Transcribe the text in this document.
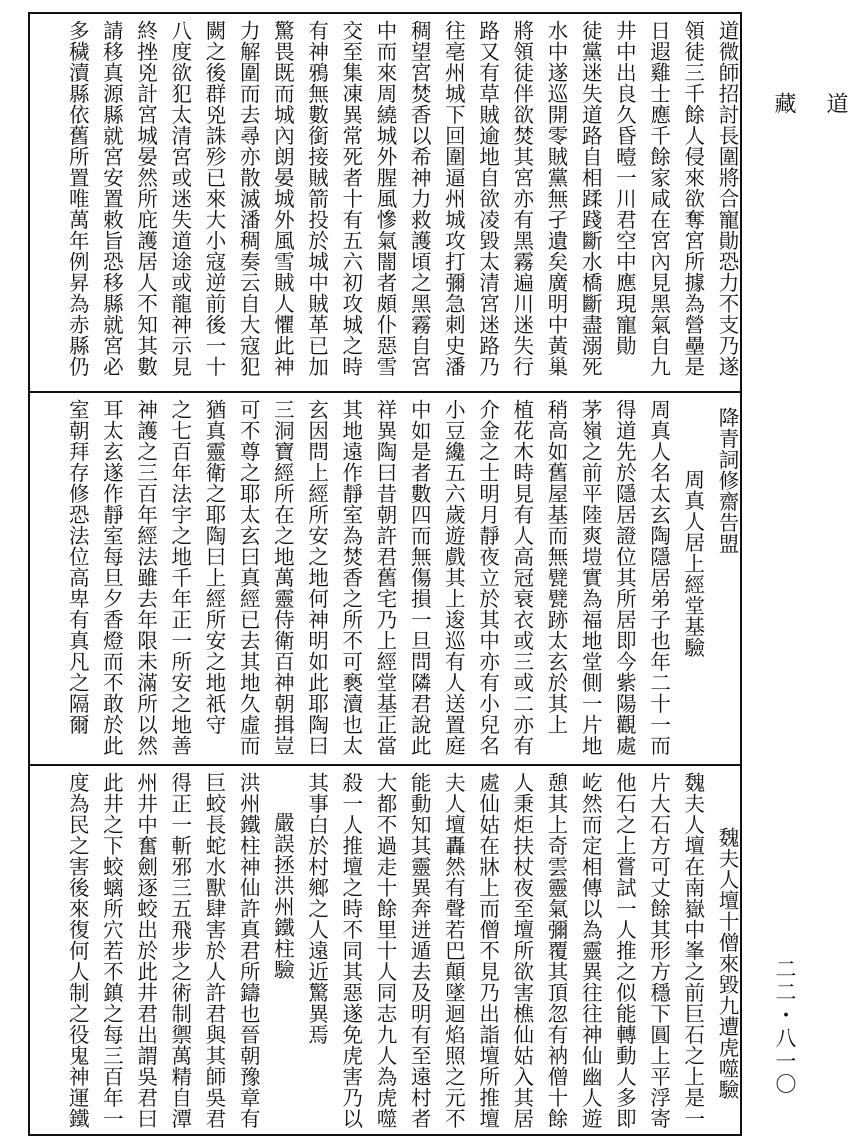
道微師招討長圍將合寵勛恐力不支乃遂
領徒三千餘人侵來欲奪宮所據為營壘是
日遐雞士應千餘家咸在宮內見黑氣自九
井中出良久昏曀一川君空中應現寵勛
徒黨迷失道路自相蹂踐斷水橋斷盡溺死
水中遂巡開零賊黨無孑遺矣廣明中黃巢
將領徒伴欲焚其宮亦有黑霧遍川迷失行
路又有草賊逾地自欲凌毀太清宮迷路乃
往亳州城下回圍逼州城攻打彌急刺史潘
稠望宮焚香以希神力救護頃之黑霧自宮
中而來周繞城外腥風慘氣闇者頗仆惡雪
交至集凍異常死者十有五六初攻城之時
有神鴉無數銜接賊箭投於城中賊革已加
驚畏既而城內朗晏城外風雪賊人懼此神
力解圍而去尋亦散滅潘稠奏云自大寇犯
闕之後群兇誅殄已來大小寇逆前後一十
八度欲犯太清宮或迷失道途或龍神示見
終挫兇計宮城晏然所庇護居人不知其數
請移真源縣就宮安置敕旨恐移縣就宮必
多穢瀆縣依舊所置唯萬年例昇為赤縣仍
降青詞修齋告盟
周真人居上經堂基驗
周真人名太玄陶隱居弟子也年二十一而
得道先於隱居證位其所居即今紫陽觀處
茅嶺之前平陸爽塏實為福地堂側一片地
稍高如舊屋基而無甓甓跡太玄於其上
植花木時見有人高冠衰衣或三或二亦有
介金之士明月靜夜立於其中亦有小兒名
小豆纔五六歲遊戲其上逡巡有人送置庭
中如是者數四而無傷損一旦問隣君說此
祥異陶曰昔朝許君舊宅乃上經堂基正當
其地遠作靜室為焚香之所不可褻瀆也太
玄因問上經所安之地何神明如此耶陶曰
三洞寶經所在之地萬靈侍衛百神朝揖豈
可不尊之耶太玄曰真經已去其地久虛而
猶真靈衛之耶陶曰上經所安之地祇守
之七百年法宇之地千年正一所安之地善
神護之三百年經法雖去年限未滿所以然
耳太玄遂作靜室每旦夕香燈而不敢於此
室朝拜存修恐法位高卑有真凡之隔爾
魏夫人壇十僧來毀九遭虎噬驗
魏夫人壇在南嶽中峯之前巨石之上是一
片大石方可丈餘其形方穩下圓上平浮寄
他石之上嘗試一人推之似能轉動人多即
屹然而定相傳以為靈異往往神仙幽人遊
憩其上奇雲靈氣彌覆其頂忽有衲僧十餘
人秉炬扶杖夜至壇所欲害樵仙姑入其居
處仙姑在牀上而僧不見乃出詣壇所推壇
夫人壇轟然有聲若巴顛墜迴焰照之元不
能動知其靈異奔迸遁去及明有至遠村者
大都不過走十餘里十人同志九人為虎噬
殺一人推壇之時不同其惡遂免虎害乃以
其事白於村鄉之人遠近驚異焉
嚴誤拯洪州鐵柱驗
洪州鐵柱神仙許真君所鑄也晉朝豫章有
巨蛟長蛇水獸肆害於人許君與其師吳君
得正一斬邪三五飛步之術制禦萬精自潭
州井中奮劍逐蛟出於此井君出謂吳君曰
此井之下蛟螭所穴若不鎮之每三百年一
度為民之害後來復何人制之役鬼神運鐵
道

藏
二二・八一〇
